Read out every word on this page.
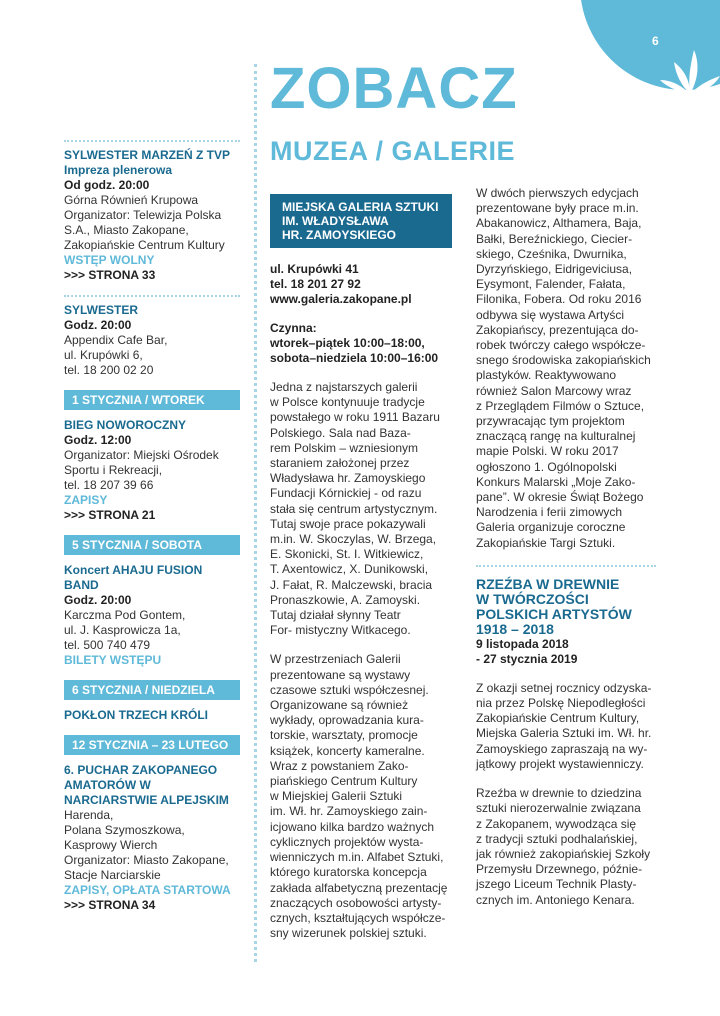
6
SYLWESTER MARZEŃ Z TVP
Impreza plenerowa
Od godz. 20:00
Górna Równień Krupowa
Organizator: Telewizja Polska
S.A., Miasto Zakopane,
Zakopiańskie Centrum Kultury
WSTĘP WOLNY
>>> STRONA 33
SYLWESTER
Godz. 20:00
Appendix Cafe Bar,
ul. Krupówki 6,
tel. 18 200 02 20
1 STYCZNIA / WTOREK
BIEG NOWOROCZNY
Godz. 12:00
Organizator: Miejski Ośrodek
Sportu i Rekreacji,
tel. 18 207 39 66
ZAPISY
>>> STRONA 21
5 STYCZNIA / SOBOTA
Koncert AHAJU FUSION
BAND
Godz. 20:00
Karczma Pod Gontem,
ul. J. Kasprowicza 1a,
tel. 500 740 479
BILETY WSTĘPU
6 STYCZNIA / NIEDZIELA
POKŁON TRZECH KRÓLI
12 STYCZNIA – 23 LUTEGO
6. PUCHAR ZAKOPANEGO
AMATORÓW W
NARCIARSTWIE ALPEJSKIM
Harenda,
Polana Szymoszkowa,
Kasprowy Wierch
Organizator: Miasto Zakopane,
Stacje Narciarskie
ZAPISY, OPŁATA STARTOWA
>>> STRONA 34
ZOBACZ
MUZEA / GALERIE
MIEJSKA GALERIA SZTUKI
IM. WŁADYSŁAWA
HR. ZAMOYSKIEGO
ul. Krupówki 41
tel. 18 201 27 92
www.galeria.zakopane.pl
Czynna:
wtorek–piątek 10:00–18:00,
sobota–niedziela 10:00–16:00
Jedna z najstarszych galerii
w Polsce kontynuuje tradycje
powstałego w roku 1911 Bazaru
Polskiego. Sala nad Baza-
rem Polskim – wzniesionym
staraniem założonej przez
Władysława hr. Zamoyskiego
Fundacji Kórnickiej - od razu
stała się centrum artystycznym.
Tutaj swoje prace pokazywali
m.in. W. Skoczylas, W. Brzega,
E. Skonicki, St. I. Witkiewicz,
T. Axentowicz, X. Dunikowski,
J. Fałat, R. Malczewski, bracia
Pronaszkowie, A. Zamoyski.
Tutaj działał słynny Teatr
For- mistyczny Witkacego.
W przestrzeniach Galerii
prezentowane są wystawy
czasowe sztuki współczesnej.
Organizowane są również
wykłady, oprowadzania kura-
torskie, warsztaty, promocje
książek, koncerty kameralne.
Wraz z powstaniem Zako-
piańskiego Centrum Kultury
w Miejskiej Galerii Sztuki
im. Wł. hr. Zamoyskiego zain-
icjowano kilka bardzo ważnych
cyklicznych projektów wysta-
wienniczych m.in. Alfabet Sztuki,
którego kuratorska koncepcja
zakłada alfabetyczną prezentację
znaczących osobowości artysty-
cznych, kształtujących współcze-
sny wizerunek polskiej sztuki.
W dwóch pierwszych edycjach
prezentowane były prace m.in.
Abakanowicz, Althamera, Baja,
Bałki, Bereźnickiego, Ciecier-
skiego, Cześnika, Dwurnika,
Dyrzyńskiego, Eidrigeviciusa,
Eysymont, Falender, Fałata,
Filonika, Fobera. Od roku 2016
odbywa się wystawa Artyści
Zakopiańscy, prezentująca do-
robek twórczy całego współcze-
snego środowiska zakopiańskich
plastyków. Reaktywowano
również Salon Marcowy wraz
z Przeglądem Filmów o Sztuce,
przywracając tym projektom
znaczącą rangę na kulturalnej
mapie Polski. W roku 2017
ogłoszono 1. Ogólnopolski
Konkurs Malarski „Moje Zako-
pane”. W okresie Świąt Bożego
Narodzenia i ferii zimowych
Galeria organizuje coroczne
Zakopiańskie Targi Sztuki.
RZEŹBA W DREWNIE
W TWÓRCZOŚCI
POLSKICH ARTYSTÓW
1918 – 2018
9 listopada 2018
- 27 stycznia 2019
Z okazji setnej rocznicy odzyska-
nia przez Polskę Niepodległości
Zakopiańskie Centrum Kultury,
Miejska Galeria Sztuki im. Wł. hr.
Zamoyskiego zapraszają na wy-
jątkowy projekt wystawienniczy.
Rzeźba w drewnie to dziedzina
sztuki nierozerwalnie związana
z Zakopanem, wywodząca się
z tradycji sztuki podhalańskiej,
jak również zakopiańskiej Szkoły
Przemysłu Drzewnego, późnie-
jszego Liceum Technik Plasty-
cznych im. Antoniego Kenara.
